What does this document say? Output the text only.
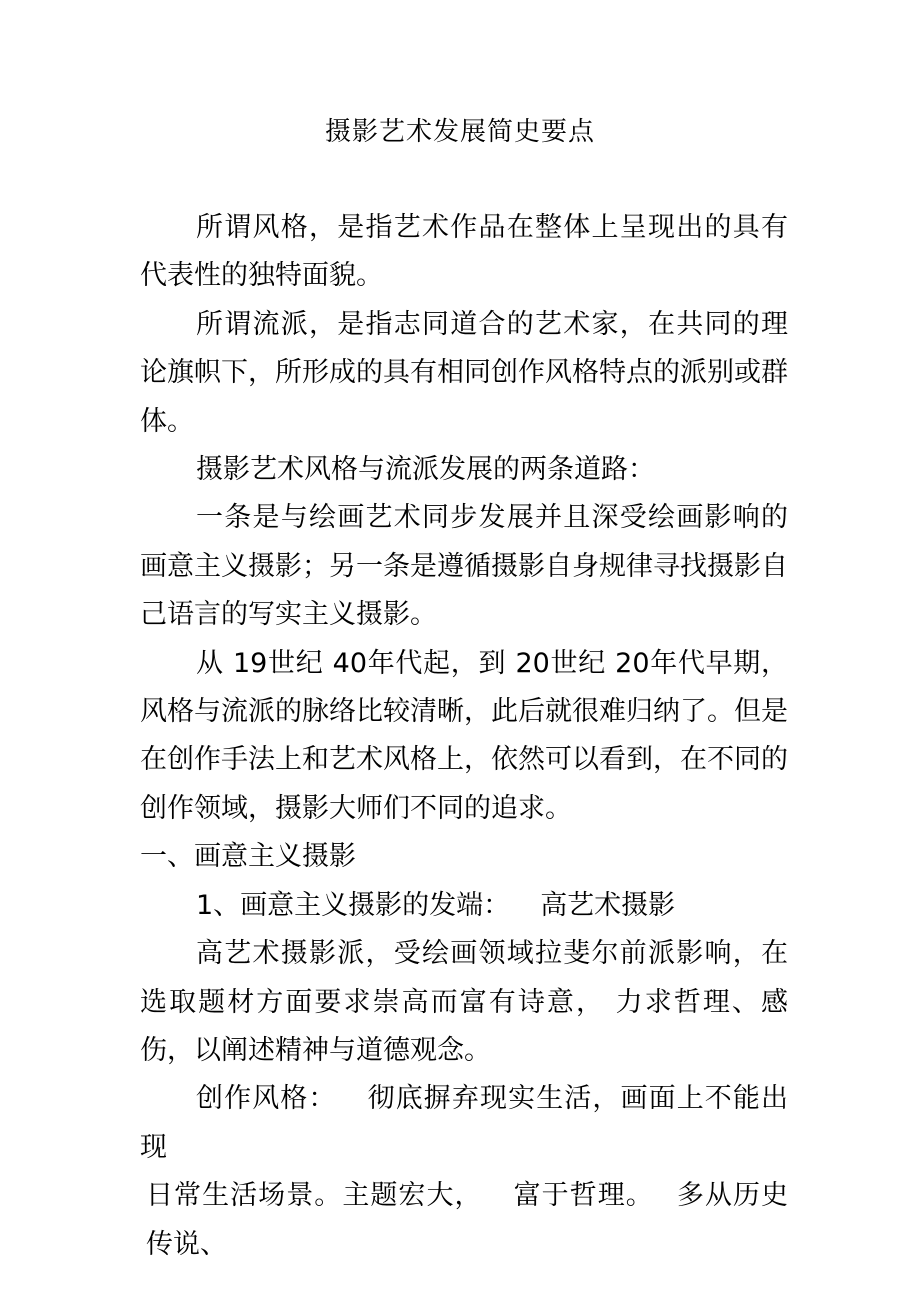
摄影艺术发展简史要点

所谓风格，是指艺术作品在整体上呈现出的具有代表性的独特面貌。

所谓流派，是指志同道合的艺术家，在共同的理论旗帜下，所形成的具有相同创作风格特点的派别或群体。

摄影艺术风格与流派发展的两条道路：

一条是与绘画艺术同步发展并且深受绘画影响的画意主义摄影；另一条是遵循摄影自身规律寻找摄影自己语言的写实主义摄影。

从 19世纪 40年代起，到 20世纪 20年代早期，风格与流派的脉络比较清晰，此后就很难归纳了。但是在创作手法上和艺术风格上，依然可以看到，在不同的创作领域，摄影大师们不同的追求。

一、画意主义摄影

1、画意主义摄影的发端： 高艺术摄影

高艺术摄影派，受绘画领域拉斐尔前派影响，在选取题材方面要求崇高而富有诗意， 力求哲理、感伤，以阐述精神与道德观念。

创作风格： 彻底摒弃现实生活，画面上不能出现

日常生活场景。主题宏大， 富于哲理。 多从历史传说、
